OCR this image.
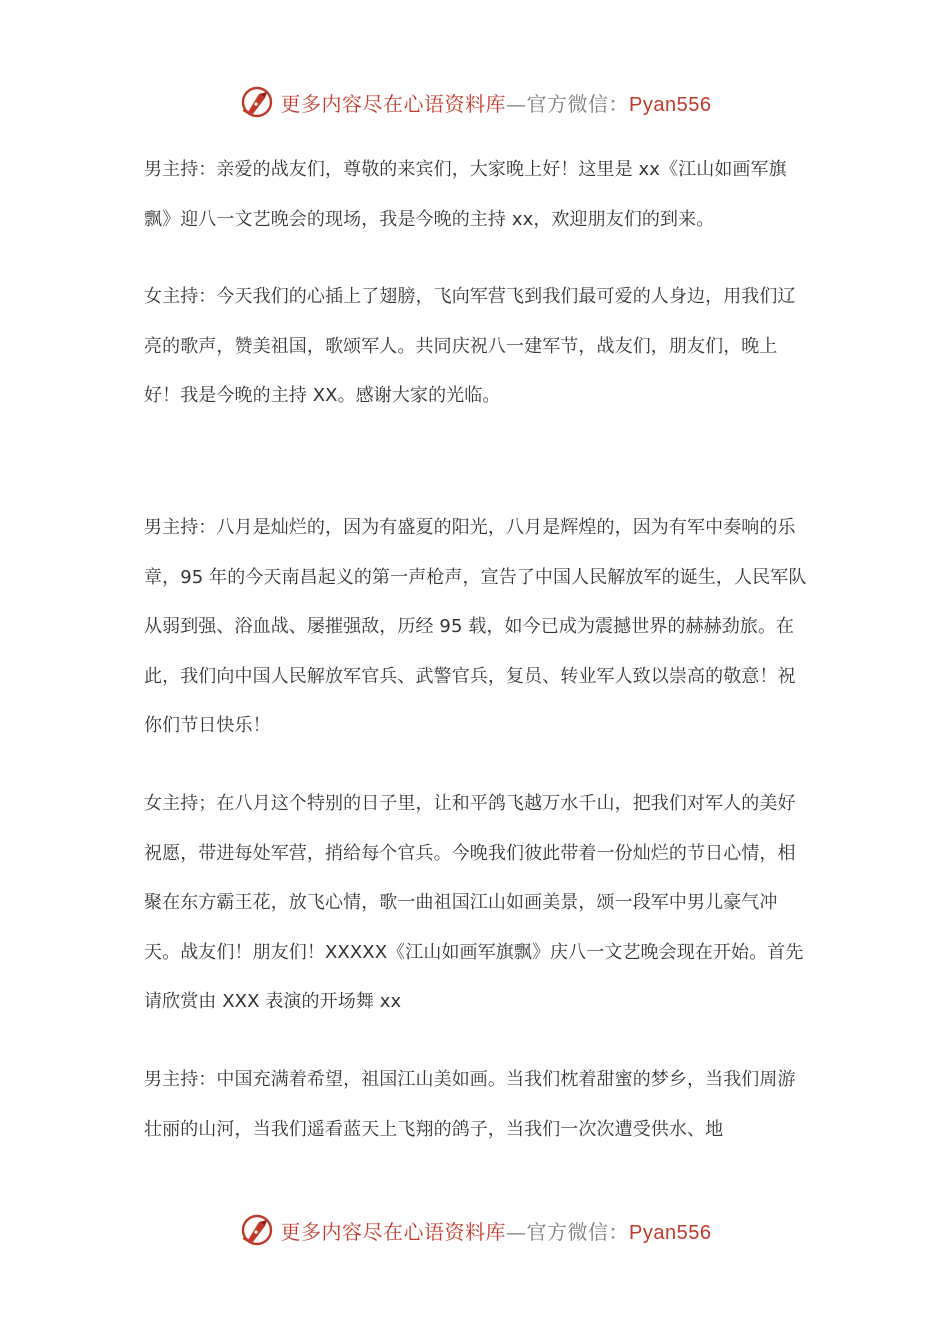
更多内容尽在心语资料库—官方微信：Pyan556

男主持：亲爱的战友们，尊敬的来宾们，大家晚上好！这里是 xx《江山如画军旗飘》迎八一文艺晚会的现场，我是今晚的主持 xx，欢迎朋友们的到来。

女主持：今天我们的心插上了翅膀，飞向军营飞到我们最可爱的人身边，用我们辽亮的歌声，赞美祖国，歌颂军人。共同庆祝八一建军节，战友们，朋友们，晚上好！我是今晚的主持 XX。感谢大家的光临。

男主持：八月是灿烂的，因为有盛夏的阳光，八月是辉煌的，因为有军中奏响的乐章，95 年的今天南昌起义的第一声枪声，宣告了中国人民解放军的诞生，人民军队从弱到强、浴血战、屡摧强敌，历经 95 载，如今已成为震撼世界的赫赫劲旅。在此，我们向中国人民解放军官兵、武警官兵，复员、转业军人致以崇高的敬意！祝你们节日快乐！

女主持；在八月这个特别的日子里，让和平鸽飞越万水千山，把我们对军人的美好祝愿，带进每处军营，捎给每个官兵。今晚我们彼此带着一份灿烂的节日心情，相聚在东方霸王花，放飞心情，歌一曲祖国江山如画美景，颂一段军中男儿豪气冲天。战友们！朋友们！XXXXX《江山如画军旗飘》庆八一文艺晚会现在开始。首先请欣赏由 XXX 表演的开场舞 xx

男主持：中国充满着希望，祖国江山美如画。当我们枕着甜蜜的梦乡，当我们周游壮丽的山河，当我们遥看蓝天上飞翔的鸽子，当我们一次次遭受供水、地

更多内容尽在心语资料库—官方微信：Pyan556
